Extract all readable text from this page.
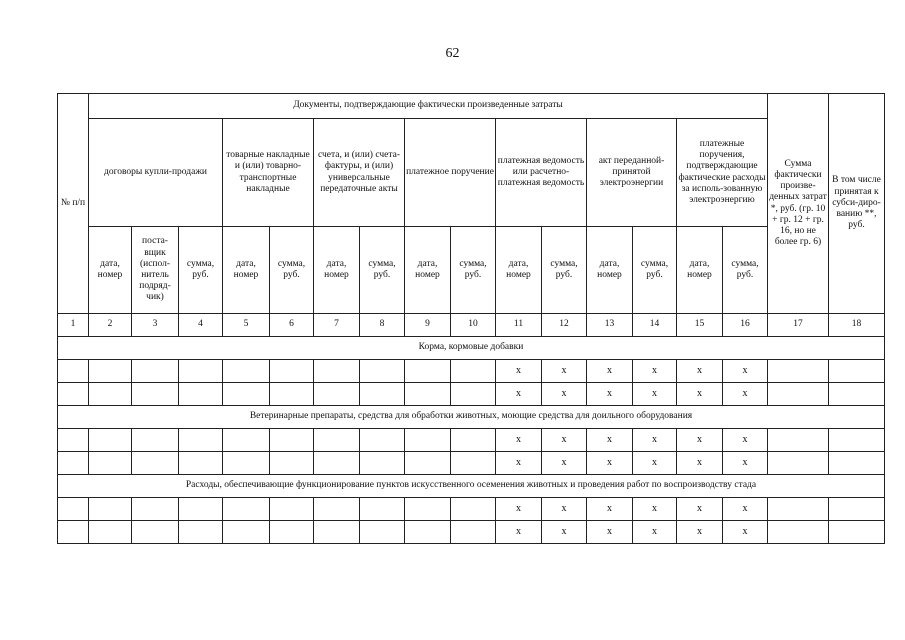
62
№ п/п	Документы, подтверждающие фактически произведенные затраты															Сумма фактически произве-денных затрат *, руб. (гр. 10 + гр. 12 + гр. 16, но не более гр. 6)	В том числе принятая к субси-диро-ванию **, руб.
	договоры купли-продажи			товарные накладные и (или) товарно-транспортные накладные		счета, и (или) счета-фактуры, и (или) универсальные передаточные акты		платежное поручение		платежная ведомость или расчетно-платежная ведомость		акт переданной-принятой электроэнергии		платежные поручения, подтверждающие фактические расходы за исполь-зованную электроэнергию			
	дата, номер	поста-вщик (испол-нитель подряд-чик)	сумма, руб.	дата, номер	сумма, руб.	дата, номер	сумма, руб.	дата, номер	сумма, руб.	дата, номер	сумма, руб.	дата, номер	сумма, руб.	дата, номер	сумма, руб.		
1	2	3	4	5	6	7	8	9	10	11	12	13	14	15	16	17	18
Корма, кормовые добавки																	
										х	х	х	х	х	х		
										х	х	х	х	х	х		
Ветеринарные препараты, средства для обработки животных, моющие средства для доильного оборудования																	
										х	х	х	х	х	х		
										х	х	х	х	х	х		
Расходы, обеспечивающие функционирование пунктов искусственного осеменения животных и проведения работ по воспроизводству стада																	
										х	х	х	х	х	х		
										х	х	х	х	х	х		
